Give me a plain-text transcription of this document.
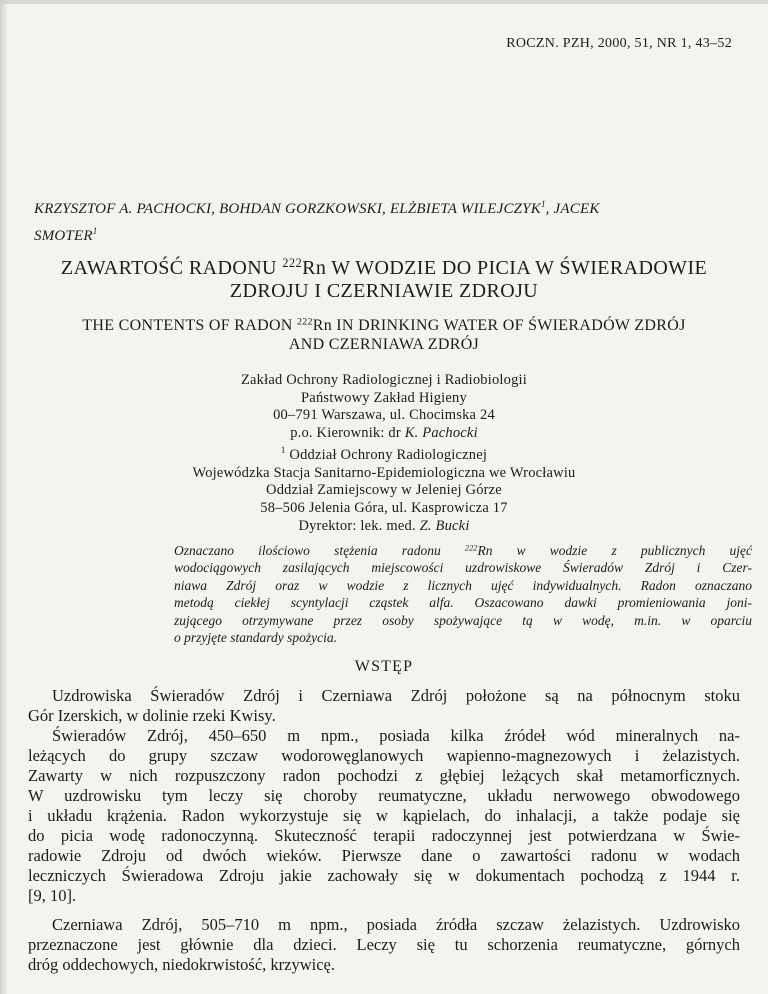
ROCZN. PZH, 2000, 51, NR 1, 43–52
KRZYSZTOF A. PACHOCKI, BOHDAN GORZKOWSKI, ELŻBIETA WILEJCZYK$^1$, JACEK
SMOTER$^1$
ZAWARTOŚĆ RADONU $^{222}$Rn W WODZIE DO PICIA W ŚWIERADOWIE
ZDROJU I CZERNIAWIE ZDROJU
THE CONTENTS OF RADON $^{222}$Rn IN DRINKING WATER OF ŚWIERADÓW ZDRÓJ
AND CZERNIAWA ZDRÓJ
Zakład Ochrony Radiologicznej i Radiobiologii
Państwowy Zakład Higieny
00–791 Warszawa, ul. Chocimska 24
p.o. Kierownik: dr K. Pachocki
$^1$ Oddział Ochrony Radiologicznej
Wojewódzka Stacja Sanitarno-Epidemiologiczna we Wrocławiu
Oddział Zamiejscowy w Jeleniej Górze
58–506 Jelenia Góra, ul. Kasprowicza 17
Dyrektor: lek. med. Z. Bucki
Oznaczano ilościowo stężenia radonu $^{222}$Rn w wodzie z publicznych ujęć
wodociągowych zasilających miejscowości uzdrowiskowe Świeradów Zdrój i Czer-
niawa Zdrój oraz w wodzie z licznych ujęć indywidualnych. Radon oznaczano
metodą ciekłej scyntylacji cząstek alfa. Oszacowano dawki promieniowania joni-
zującego otrzymywane przez osoby spożywające tą w wodę, m.in. w oparciu
o przyjęte standardy spożycia.
WSTĘP
Uzdrowiska Świeradów Zdrój i Czerniawa Zdrój położone są na północnym stoku
Gór Izerskich, w dolinie rzeki Kwisy.
Świeradów Zdrój, 450–650 m npm., posiada kilka źródeł wód mineralnych na-
leżących do grupy szczaw wodorowęglanowych wapienno-magnezowych i żelazistych.
Zawarty w nich rozpuszczony radon pochodzi z głębiej leżących skał metamorficznych.
W uzdrowisku tym leczy się choroby reumatyczne, układu nerwowego obwodowego
i układu krążenia. Radon wykorzystuje się w kąpielach, do inhalacji, a także podaje się
do picia wodę radonoczynną. Skuteczność terapii radoczynnej jest potwierdzana w Świe-
radowie Zdroju od dwóch wieków. Pierwsze dane o zawartości radonu w wodach
leczniczych Świeradowa Zdroju jakie zachowały się w dokumentach pochodzą z 1944 r.
[9, 10].
Czerniawa Zdrój, 505–710 m npm., posiada źródła szczaw żelazistych. Uzdrowisko
przeznaczone jest głównie dla dzieci. Leczy się tu schorzenia reumatyczne, górnych
dróg oddechowych, niedokrwistość, krzywicę.
